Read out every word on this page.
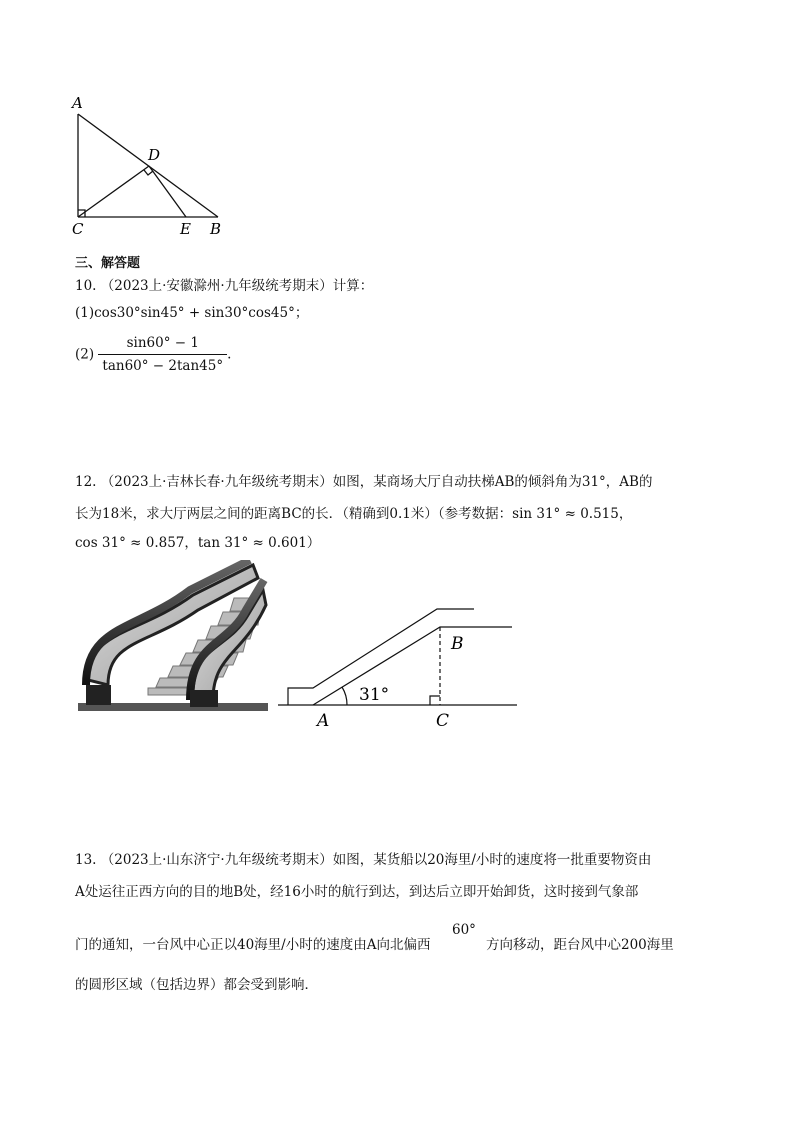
A
D
C	E B
三、解答题
10. （2023上·安徽滁州·九年级统考期末）计算：
(1)cos30°sin45° + sin30°cos45°；
$(2) \frac{\sin 60^\circ - 1}{\tan 60^\circ - 2\tan 45^\circ}$ .
12. （2023上·吉林长春·九年级统考期末）如图，某商场大厅自动扶梯AB的倾斜角为31°，AB的
长为18米，求大厅两层之间的距离BC的长．（精确到0.1米）（参考数据：sin 31° ≈ 0.515，
cos 31° ≈ 0.857，tan 31° ≈ 0.601）
31°
A
B
C
13. （2023上·山东济宁·九年级统考期末）如图，某货船以20海里/小时的速度将一批重要物资由
A处运往正西方向的目的地B处，经16小时的航行到达，到达后立即开始卸货，这时接到气象部
门的通知，一台风中心正以40海里/小时的速度由A向北偏西
60°
方向移动，距台风中心200海里
的圆形区域（包括边界）都会受到影响．
